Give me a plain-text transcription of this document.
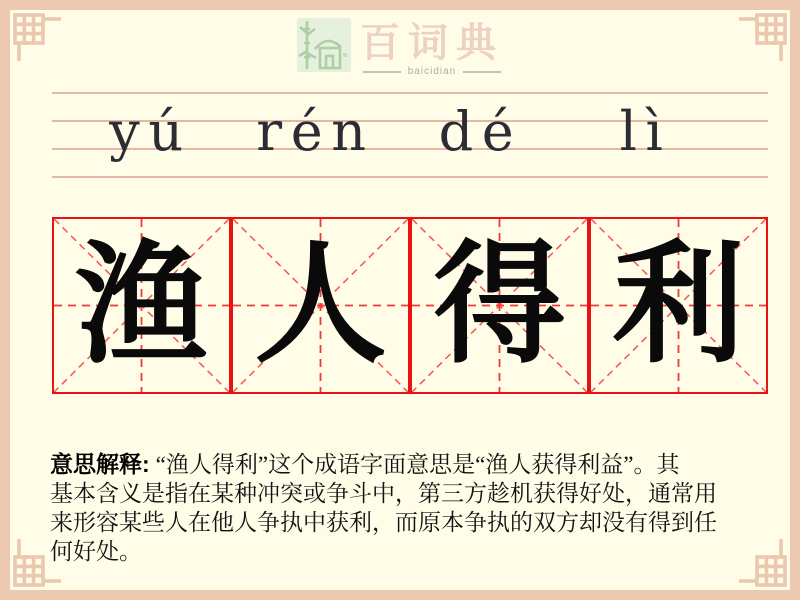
百词典
baicidian
yú	rén	dé	lì
渔 人 得 利
意思解释: “渔人得利”这个成语字面意思是“渔人获得利益”。其
基本含义是指在某种冲突或争斗中，第三方趁机获得好处，通常用
来形容某些人在他人争执中获利，而原本争执的双方却没有得到任
何好处。
